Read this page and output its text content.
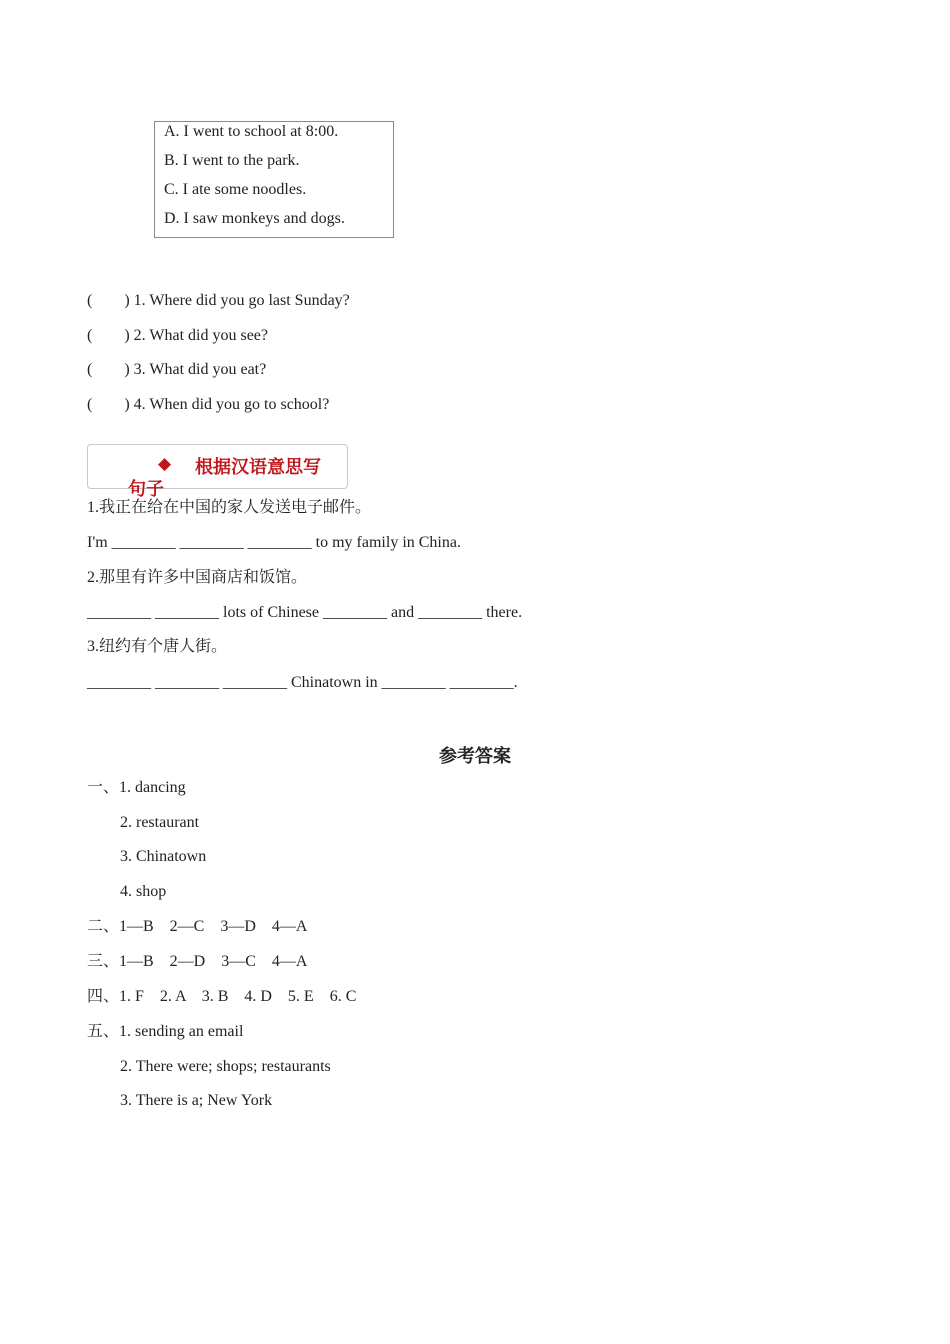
A. I went to school at 8:00.
B. I went to the park.
C. I ate some noodles.
D. I saw monkeys and dogs.
(        ) 1. Where did you go last Sunday?
(        ) 2. What did you see?
(        ) 3. What did you eat?
(        ) 4. When did you go to school?
◆ 根据汉语意思写
句子
1.我正在给在中国的家人发送电子邮件。
I'm ________ ________ ________ to my family in China.
2.那里有许多中国商店和饭馆。
________ ________ lots of Chinese ________ and ________ there.
3.纽约有个唐人街。
________ ________ ________ Chinatown in ________ ________.
参考答案
一、1. dancing
2. restaurant
3. Chinatown
4. shop
二、1—B    2—C    3—D    4—A
三、1—B    2—D    3—C    4—A
四、1. F    2. A    3. B    4. D    5. E    6. C
五、1. sending an email
2. There were; shops; restaurants
3. There is a; New York
